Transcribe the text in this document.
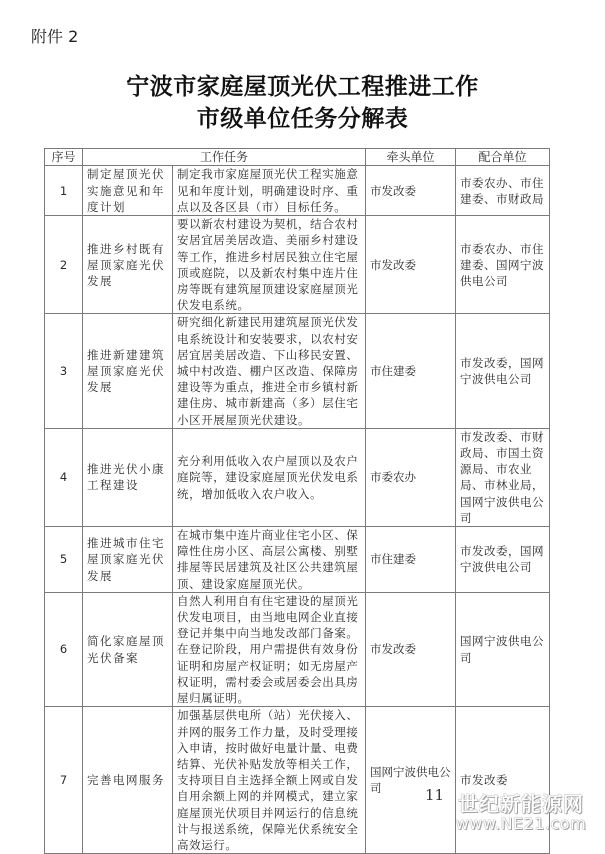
附件 2
宁波市家庭屋顶光伏工程推进工作
市级单位任务分解表
序号	工作任务		牵头单位	配合单位
1	制定屋顶光伏实施意见和年度计划	制定我市家庭屋顶光伏工程实施意见和年度计划，明确建设时序、重点以及各区县（市）目标任务。	市发改委	市委农办、市住建委、市财政局
2	推进乡村既有屋顶家庭光伏发展	要以新农村建设为契机，结合农村安居宜居美居改造、美丽乡村建设等工作，推进乡村居民独立住宅屋顶或庭院，以及新农村集中连片住房等既有建筑屋顶建设家庭屋顶光伏发电系统。	市发改委	市委农办、市住建委、国网宁波供电公司
3	推进新建建筑屋顶家庭光伏发展	研究细化新建民用建筑屋顶光伏发电系统设计和安装要求，以农村安居宜居美居改造、下山移民安置、城中村改造、棚户区改造、保障房建设等为重点，推进全市乡镇村新建住房、城市新建高（多）层住宅小区开展屋顶光伏建设。	市住建委	市发改委，国网宁波供电公司
4	推进光伏小康工程建设	充分利用低收入农户屋顶以及农户庭院等，建设家庭屋顶光伏发电系统，增加低收入农户收入。	市委农办	市发改委、市财政局、市国土资源局、市农业局、市林业局，国网宁波供电公司
5	推进城市住宅屋顶家庭光伏发展	在城市集中连片商业住宅小区、保障性住房小区、高层公寓楼、别墅排屋等民居建筑及社区公共建筑屋顶、建设家庭屋顶光伏。	市住建委	市发改委，国网宁波供电公司
6	简化家庭屋顶光伏备案	自然人利用自有住宅建设的屋顶光伏发电项目，由当地电网企业直接登记并集中向当地发改部门备案。在登记阶段，用户需提供有效身份证明和房屋产权证明；如无房屋产权证明，需村委会或居委会出具房屋归属证明。	市发改委	国网宁波供电公司
7	完善电网服务	加强基层供电所（站）光伏接入、并网的服务工作力量，及时受理接入申请，按时做好电量计量、电费结算、光伏补贴发放等相关工作，支持项目自主选择全额上网或自发自用余额上网的并网模式，建立家庭屋顶光伏项目并网运行的信息统计与报送系统，保障光伏系统安全高效运行。	国网宁波供电公司	市发改委
11 世纪新能源网
www.NE21.com
